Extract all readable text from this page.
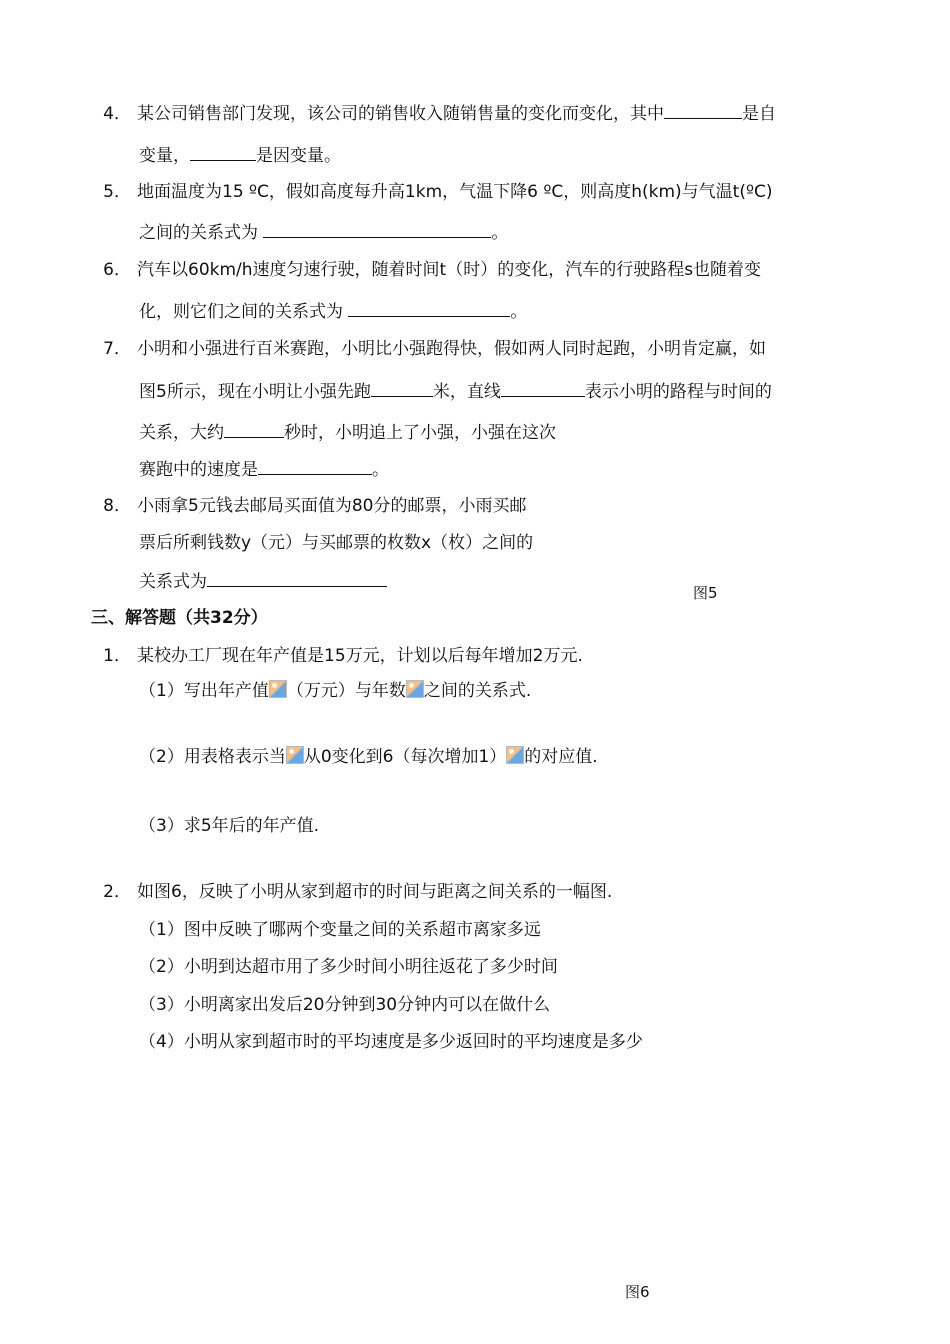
4． 某公司销售部门发现，该公司的销售收入随销售量的变化而变化，其中	是自
变量，	是因变量。
5． 地面温度为15 ºC，假如高度每升高1km，气温下降6 ºC，则高度h(km)与气温t(ºC)
之间的关系式为	。
6． 汽车以60km/h速度匀速行驶，随着时间t（时）的变化，汽车的行驶路程s也随着变
化，则它们之间的关系式为	。
7． 小明和小强进行百米赛跑，小明比小强跑得快，假如两人同时起跑，小明肯定赢，如
图5所示，现在小明让小强先跑	米，直线	表示小明的路程与时间的
关系，大约	秒时，小明追上了小强，小强在这次
赛跑中的速度是	。
8． 小雨拿5元钱去邮局买面值为80分的邮票，小雨买邮
票后所剩钱数y（元）与买邮票的枚数x（枚）之间的
关系式为
图5
三、解答题（共32分）
1． 某校办工厂现在年产值是15万元，计划以后每年增加2万元.
（1）写出年产值 （万元）与年数 之间的关系式.
（2）用表格表示当 从0变化到6（每次增加1） 的对应值.
（3）求5年后的年产值.
2． 如图6，反映了小明从家到超市的时间与距离之间关系的一幅图.
（1）图中反映了哪两个变量之间的关系超市离家多远
（2）小明到达超市用了多少时间小明往返花了多少时间
（3）小明离家出发后20分钟到30分钟内可以在做什么
（4）小明从家到超市时的平均速度是多少返回时的平均速度是多少
图6
